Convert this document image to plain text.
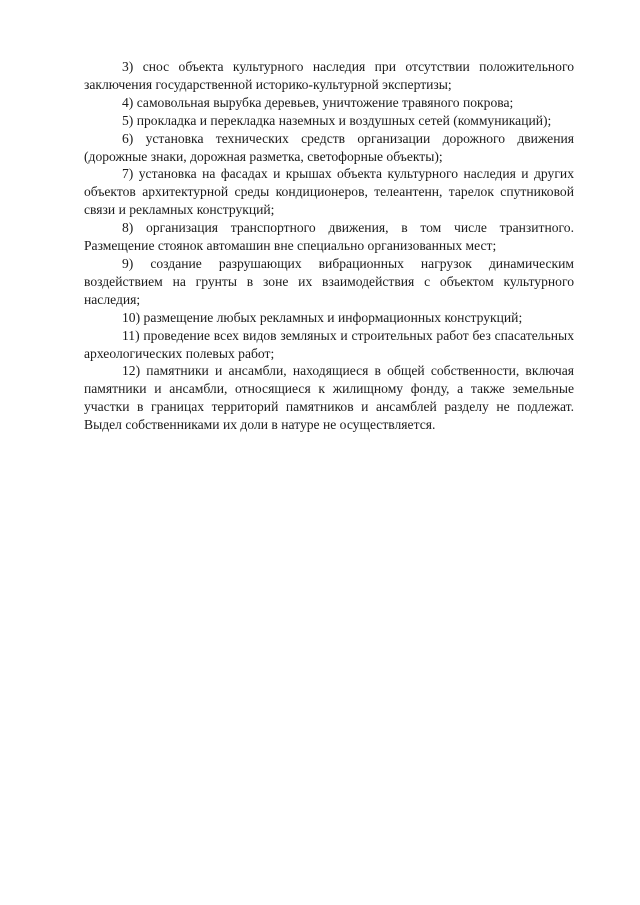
3) снос объекта культурного наследия при отсутствии положительного заключения государственной историко-культурной экспертизы;

4) самовольная вырубка деревьев, уничтожение травяного покрова;

5) прокладка и перекладка наземных и воздушных сетей (коммуникаций);

6) установка технических средств организации дорожного движения (дорожные знаки, дорожная разметка, светофорные объекты);

7) установка на фасадах и крышах объекта культурного наследия и других объектов архитектурной среды кондиционеров, телеантенн, тарелок спутниковой связи и рекламных конструкций;

8) организация транспортного движения, в том числе транзитного. Размещение стоянок автомашин вне специально организованных мест;

9) создание разрушающих вибрационных нагрузок динамическим воздействием на грунты в зоне их взаимодействия с объектом культурного наследия;

10) размещение любых рекламных и информационных конструкций;

11) проведение всех видов земляных и строительных работ без спасательных археологических полевых работ;

12) памятники и ансамбли, находящиеся в общей собственности, включая памятники и ансамбли, относящиеся к жилищному фонду, а также земельные участки в границах территорий памятников и ансамблей разделу не подлежат. Выдел собственниками их доли в натуре не осуществляется.
